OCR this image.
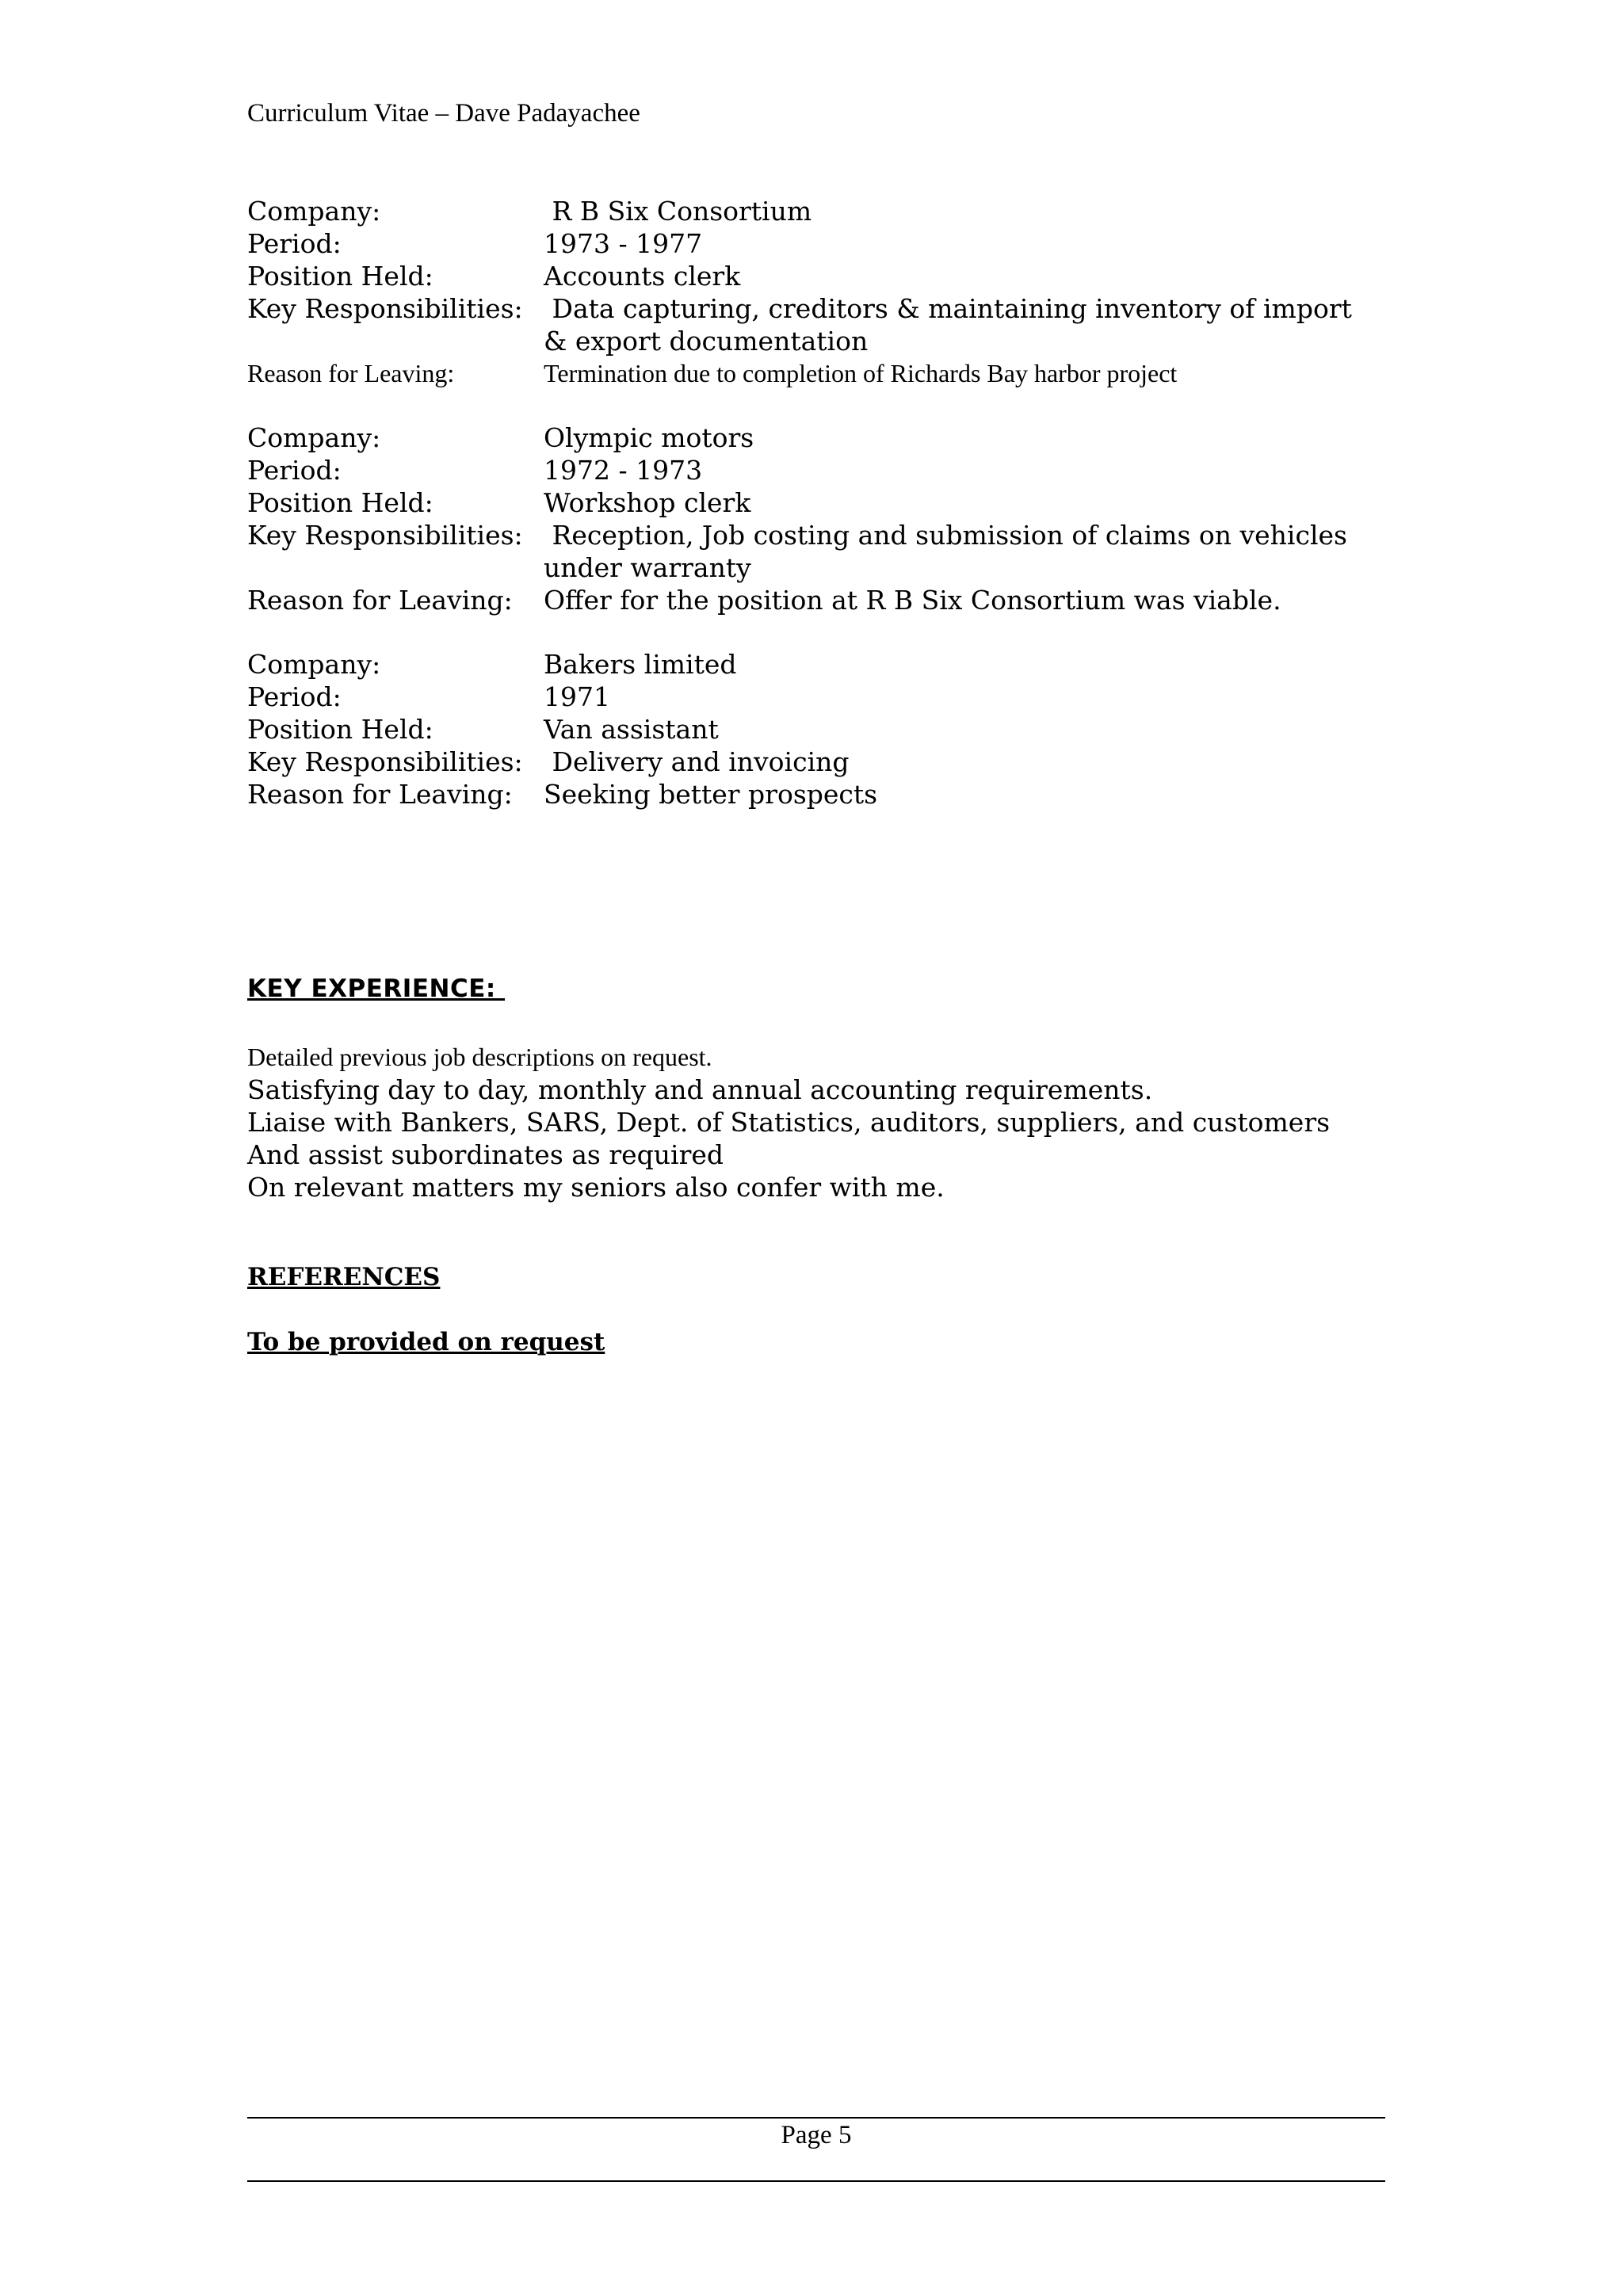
Curriculum Vitae – Dave Padayachee
Company:	R B Six Consortium
Period:	1973 - 1977
Position Held:	Accounts clerk
Key Responsibilities: Data capturing, creditors & maintaining inventory of import
& export documentation
Reason for Leaving:	Termination due to completion of Richards Bay harbor project
Company:	Olympic motors
Period:	1972 - 1973
Position Held:	Workshop clerk
Key Responsibilities: Reception, Job costing and submission of claims on vehicles
under warranty
Reason for Leaving:	Offer for the position at R B Six Consortium was viable.
Company:	Bakers limited
Period:	1971
Position Held:	Van assistant
Key Responsibilities: Delivery and invoicing
Reason for Leaving:	Seeking better prospects
KEY EXPERIENCE:
Detailed previous job descriptions on request.
Satisfying day to day, monthly and annual accounting requirements.
Liaise with Bankers, SARS, Dept. of Statistics, auditors, suppliers, and customers
And assist subordinates as required
On relevant matters my seniors also confer with me.
REFERENCES
To be provided on request
Page 5
